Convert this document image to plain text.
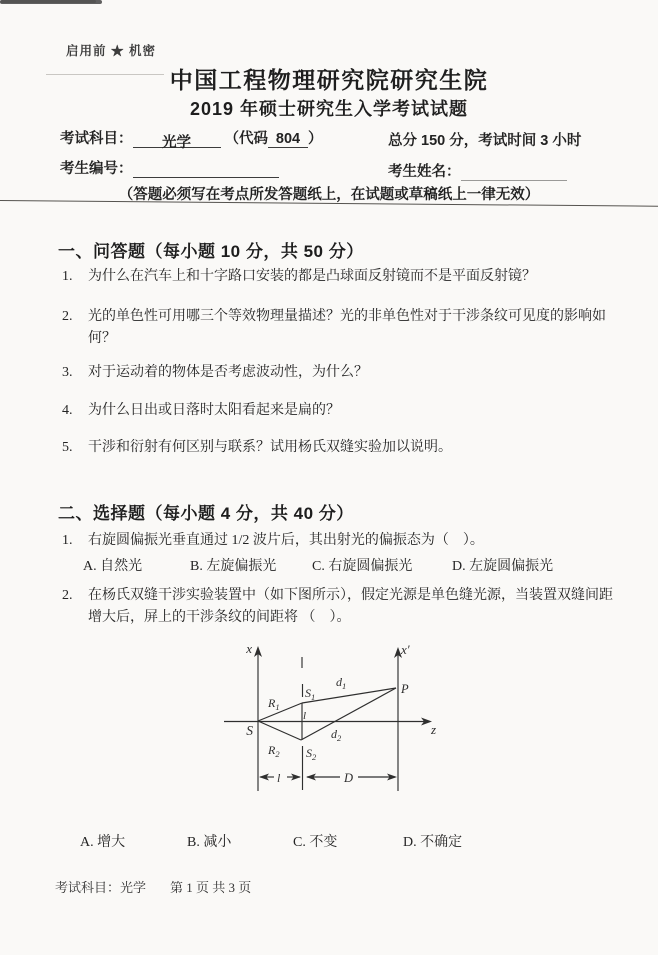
启用前 ★ 机密
中国工程物理研究院研究生院
2019 年硕士研究生入学考试试题
考试科目： 光学 （代码 804 ）	总分 150 分，考试时间 3 小时
考生编号：	考生姓名：
（答题必须写在考点所发答题纸上，在试题或草稿纸上一律无效）
一、问答题（每小题 10 分，共 50 分）
1.	为什么在汽车上和十字路口安装的都是凸球面反射镜而不是平面反射镜？
2.	光的单色性可用哪三个等效物理量描述？光的非单色性对于干涉条纹可见度的影响如何？
3.	对于运动着的物体是否考虑波动性，为什么？
4.	为什么日出或日落时太阳看起来是扁的？
5.	干涉和衍射有何区别与联系？试用杨氏双缝实验加以说明。
二、选择题（每小题 4 分，共 40 分）
1.	右旋圆偏振光垂直通过 1/2 波片后，其出射光的偏振态为（　）。
A. 自然光	B. 左旋偏振光	C. 右旋圆偏振光	D. 左旋圆偏振光
2.	在杨氏双缝干涉实验装置中（如下图所示），假定光源是单色缝光源，当装置双缝间距增大后，屏上的干涉条纹的间距将 （　）。
x	x′
z
S
P
$S_1$
$S_2$
$R_1$
$R_2$
$d_1$
$d_2$
l
l	D
A. 增大	B. 减小	C. 不变	D. 不确定
考试科目：光学 第 1 页 共 3 页
